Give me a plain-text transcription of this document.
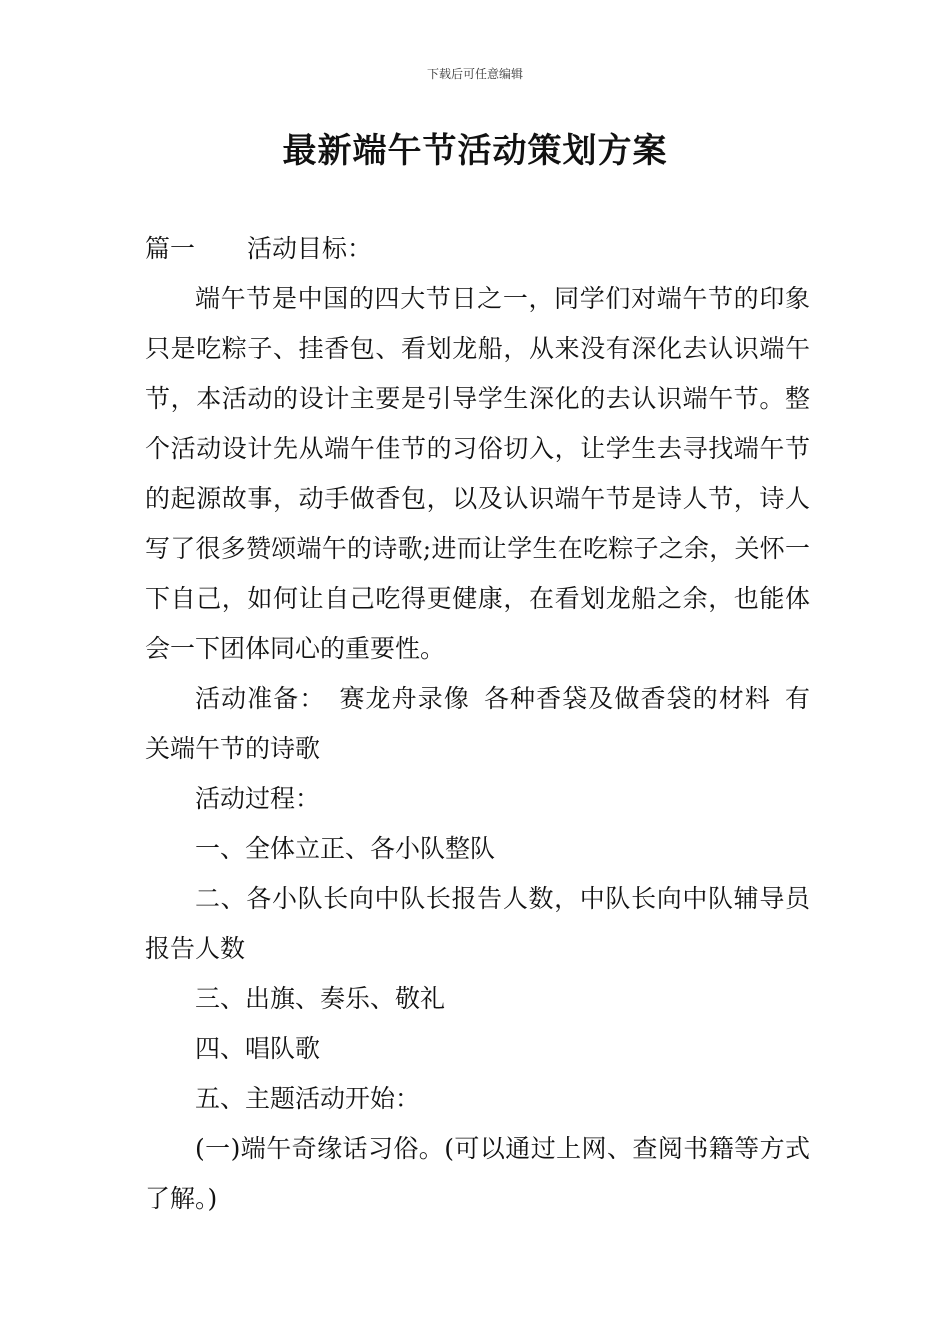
下载后可任意编辑
最新端午节活动策划方案

篇一 活动目标：

端午节是中国的四大节日之一，同学们对端午节的印象只是吃粽子、挂香包、看划龙船，从来没有深化去认识端午节，本活动的设计主要是引导学生深化的去认识端午节。整个活动设计先从端午佳节的习俗切入，让学生去寻找端午节的起源故事，动手做香包，以及认识端午节是诗人节，诗人写了很多赞颂端午的诗歌;进而让学生在吃粽子之余，关怀一下自己，如何让自己吃得更健康，在看划龙船之余，也能体会一下团体同心的重要性。

活动准备： 赛龙舟录像 各种香袋及做香袋的材料 有关端午节的诗歌

活动过程：

一、全体立正、各小队整队

二、各小队长向中队长报告人数，中队长向中队辅导员报告人数

三、出旗、奏乐、敬礼

四、唱队歌

五、主题活动开始：

(一)端午奇缘话习俗。(可以通过上网、查阅书籍等方式了解。)
